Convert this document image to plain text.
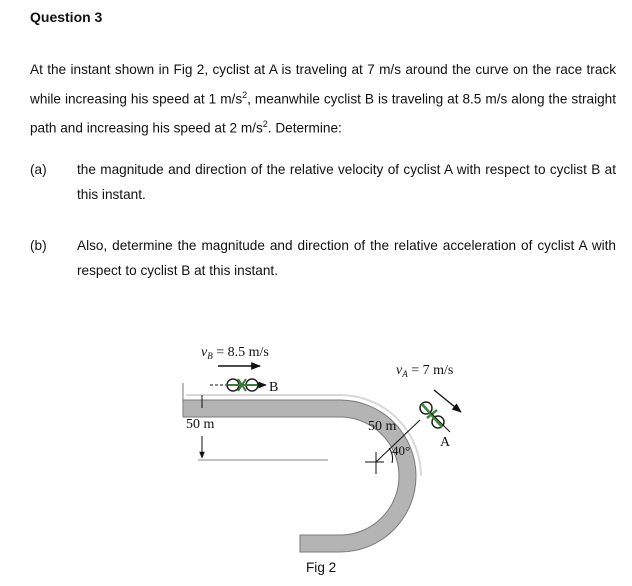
Question 3
At the instant shown in Fig 2, cyclist at A is traveling at 7 m/s around the curve on the race track while increasing his speed at 1 $m/s^2$, meanwhile cyclist B is traveling at 8.5 m/s along the straight path and increasing his speed at 2 $m/s^2$. Determine:
(a) the magnitude and direction of the relative velocity of cyclist A with respect to cyclist B at this instant.
(b) Also, determine the magnitude and direction of the relative acceleration of cyclist A with respect to cyclist B at this instant.
50 m	50 m
40°
B
$v_B = 8.5$ m/s
A
$v_A = 7$ m/s
Fig 2
